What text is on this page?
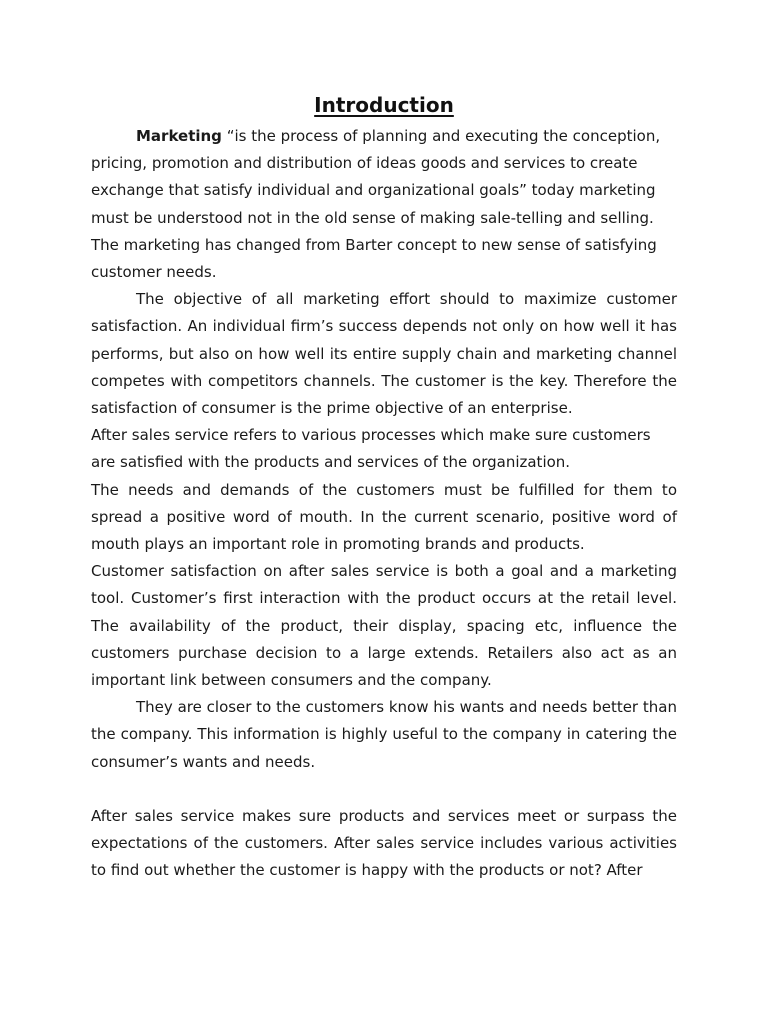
Introduction

Marketing “is the process of planning and executing the conception, pricing, promotion and distribution of ideas goods and services to create exchange that satisfy individual and organizational goals” today marketing must be understood not in the old sense of making sale-telling and selling. The marketing has changed from Barter concept to new sense of satisfying customer needs.

The objective of all marketing effort should to maximize customer satisfaction. An individual firm’s success depends not only on how well it has performs, but also on how well its entire supply chain and marketing channel competes with competitors channels. The customer is the key. Therefore the satisfaction of consumer is the prime objective of an enterprise.

After sales service refers to various processes which make sure customers are satisfied with the products and services of the organization.

The needs and demands of the customers must be fulfilled for them to spread a positive word of mouth. In the current scenario, positive word of mouth plays an important role in promoting brands and products.

Customer satisfaction on after sales service is both a goal and a marketing tool. Customer’s first interaction with the product occurs at the retail level. The availability of the product, their display, spacing etc, influence the customers purchase decision to a large extends. Retailers also act as an important link between consumers and the company.

They are closer to the customers know his wants and needs better than the company. This information is highly useful to the company in catering the consumer’s wants and needs.

After sales service makes sure products and services meet or surpass the expectations of the customers. After sales service includes various activities to find out whether the customer is happy with the products or not? After
